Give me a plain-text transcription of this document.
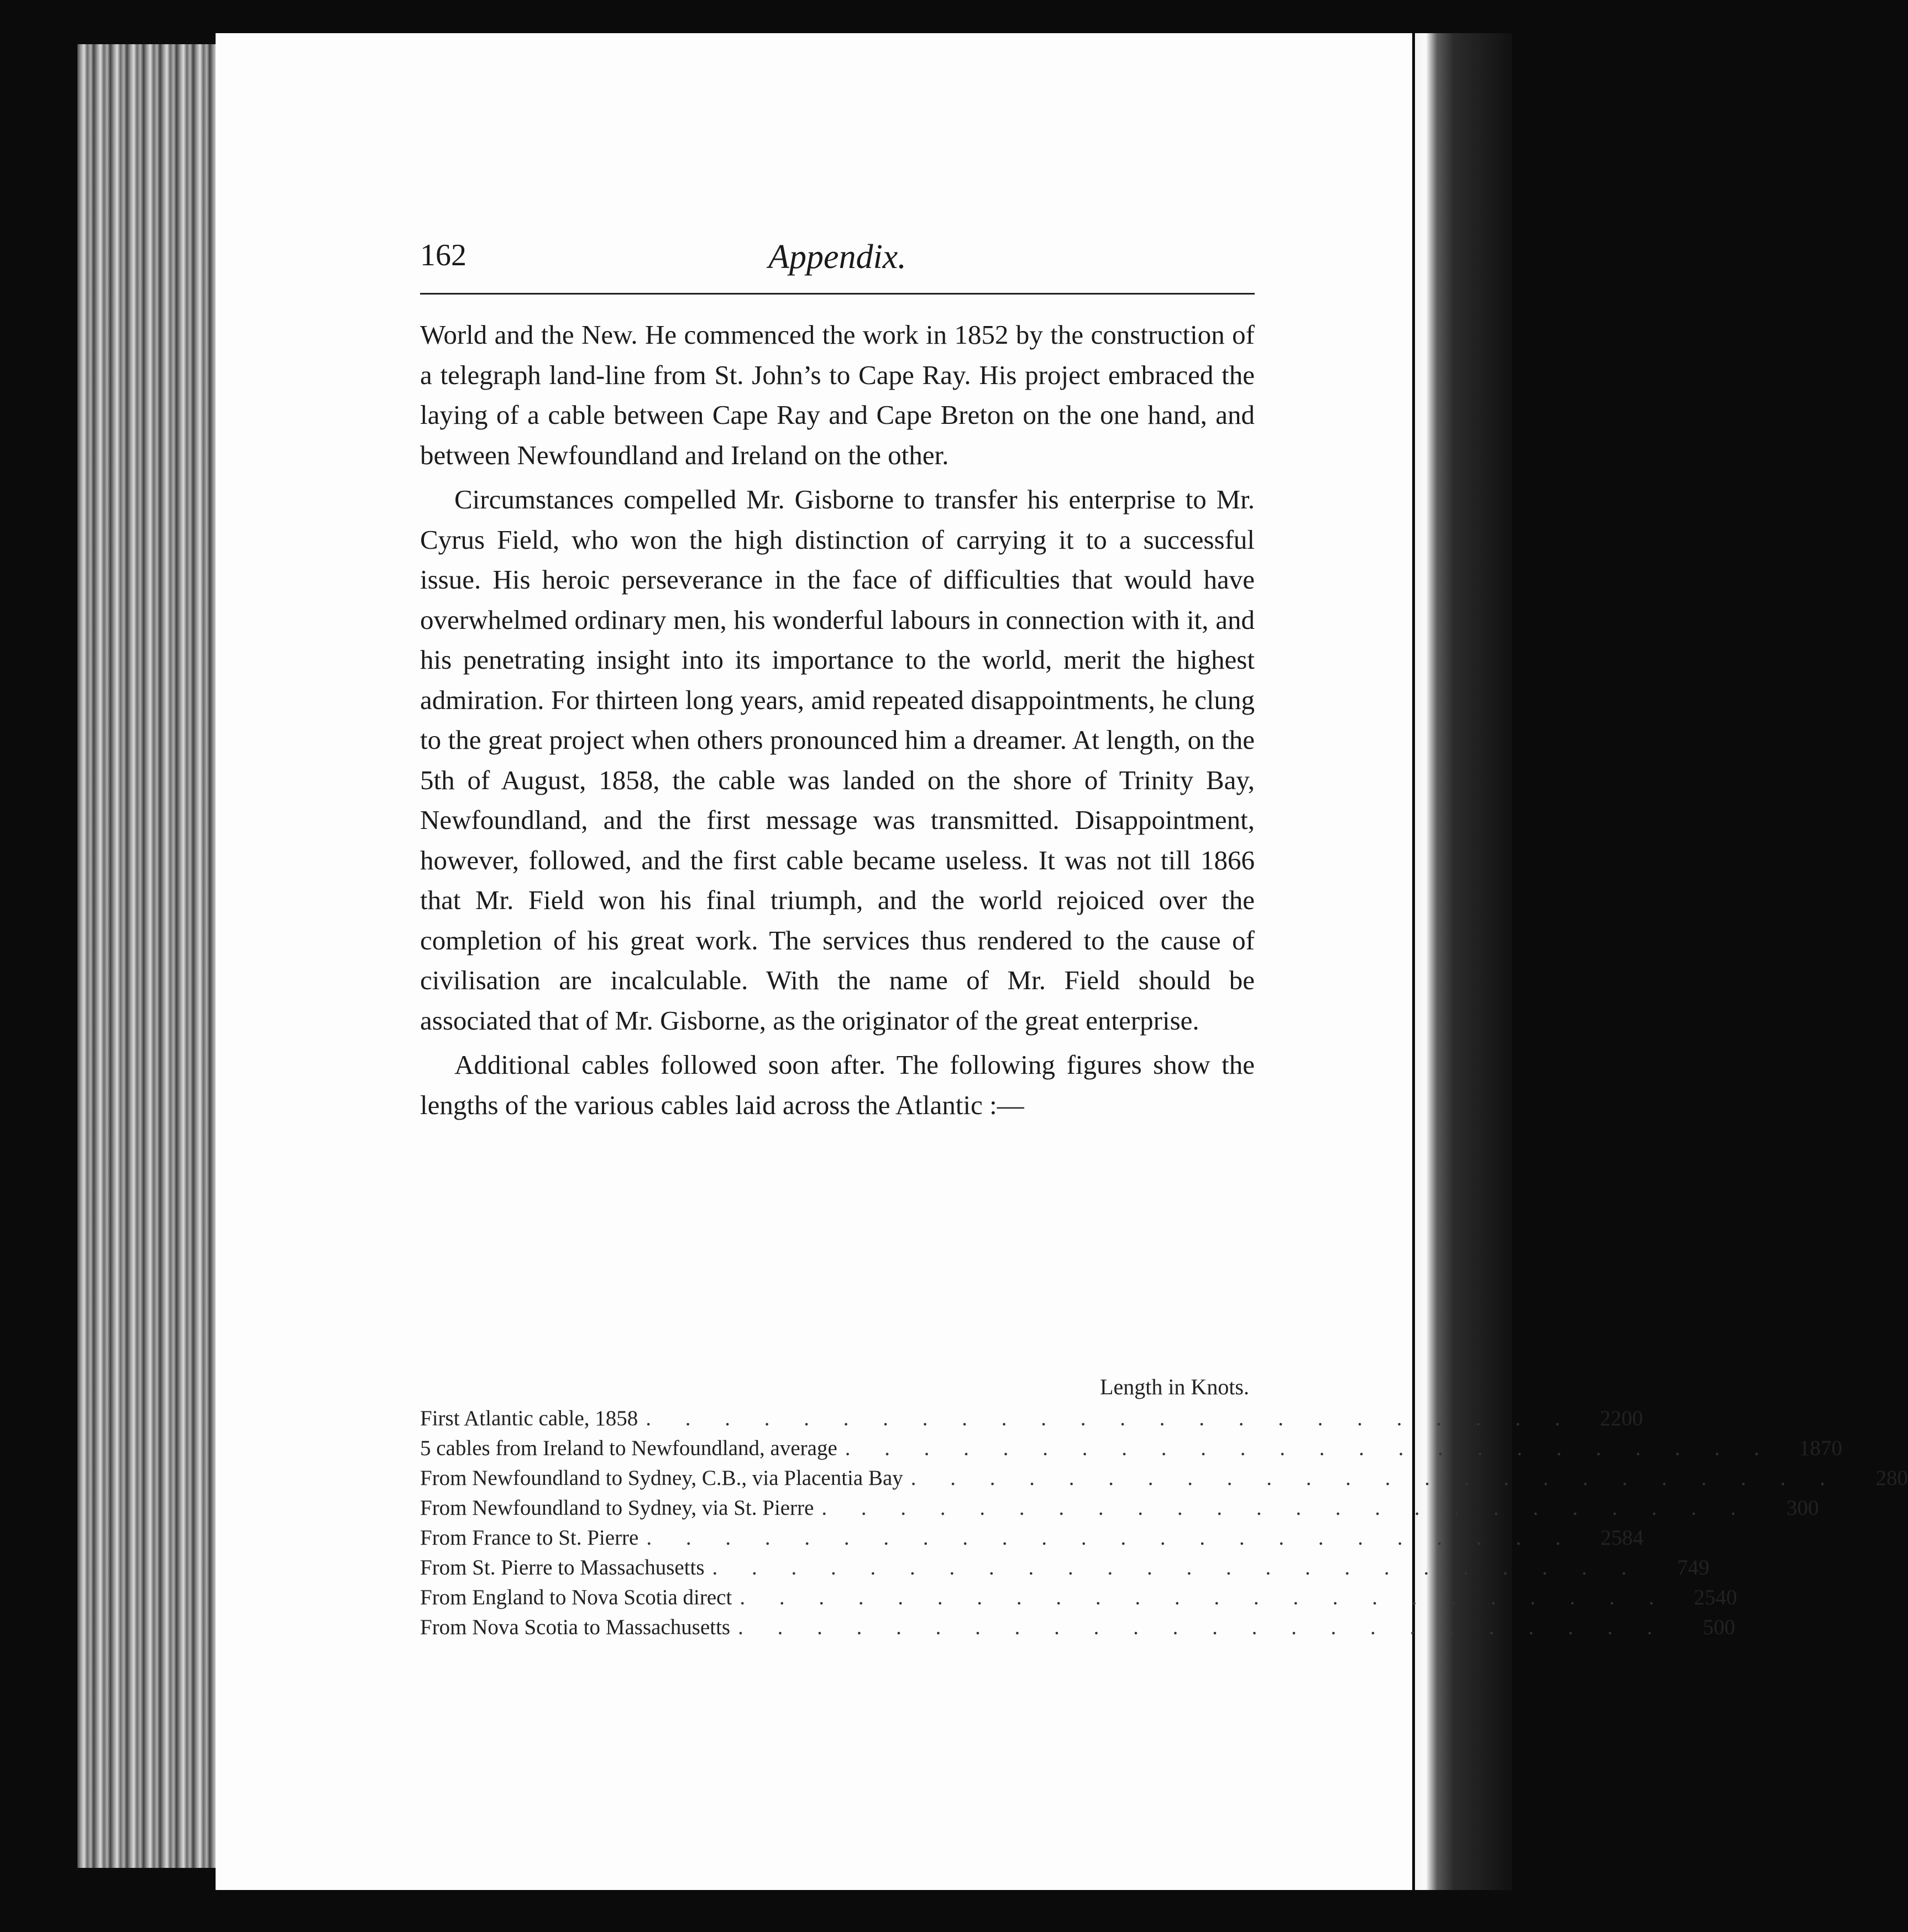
162	Appendix.

World and the New. He commenced the work in 1852 by the construction of a telegraph land-line from St. John’s to Cape Ray. His project embraced the laying of a cable between Cape Ray and Cape Breton on the one hand, and between Newfoundland and Ireland on the other.

Circumstances compelled Mr. Gisborne to transfer his enterprise to Mr. Cyrus Field, who won the high distinction of carrying it to a successful issue. His heroic perseverance in the face of difficulties that would have overwhelmed ordinary men, his wonderful labours in connection with it, and his penetrating insight into its importance to the world, merit the highest admiration. For thirteen long years, amid repeated disappointments, he clung to the great project when others pronounced him a dreamer. At length, on the 5th of August, 1858, the cable was landed on the shore of Trinity Bay, Newfoundland, and the first message was transmitted. Disappointment, however, followed, and the first cable became useless. It was not till 1866 that Mr. Field won his final triumph, and the world rejoiced over the completion of his great work. The services thus rendered to the cause of civilisation are incalculable. With the name of Mr. Field should be associated that of Mr. Gisborne, as the originator of the great enterprise.

Additional cables followed soon after. The following figures show the lengths of the various cables laid across the Atlantic :—

Length in Knots.
First Atlantic cable, 1858 . . . . . . . . . . . . . . . . . . . . . . . .	2200
5 cables from Ireland to Newfoundland, average . . . . . . . . . . . . . . . . . . . . . . . .	1870
From Newfoundland to Sydney, C.B., via Placentia Bay . . . . . . . . . . . . . . . . . . . . . . . .	280
From Newfoundland to Sydney, via St. Pierre . . . . . . . . . . . . . . . . . . . . . . . .	300
From France to St. Pierre . . . . . . . . . . . . . . . . . . . . . . . .	2584
From St. Pierre to Massachusetts . . . . . . . . . . . . . . . . . . . . . . . .	749
From England to Nova Scotia direct . . . . . . . . . . . . . . . . . . . . . . . .	2540
From Nova Scotia to Massachusetts . . . . . . . . . . . . . . . . . . . . . . . .	500
